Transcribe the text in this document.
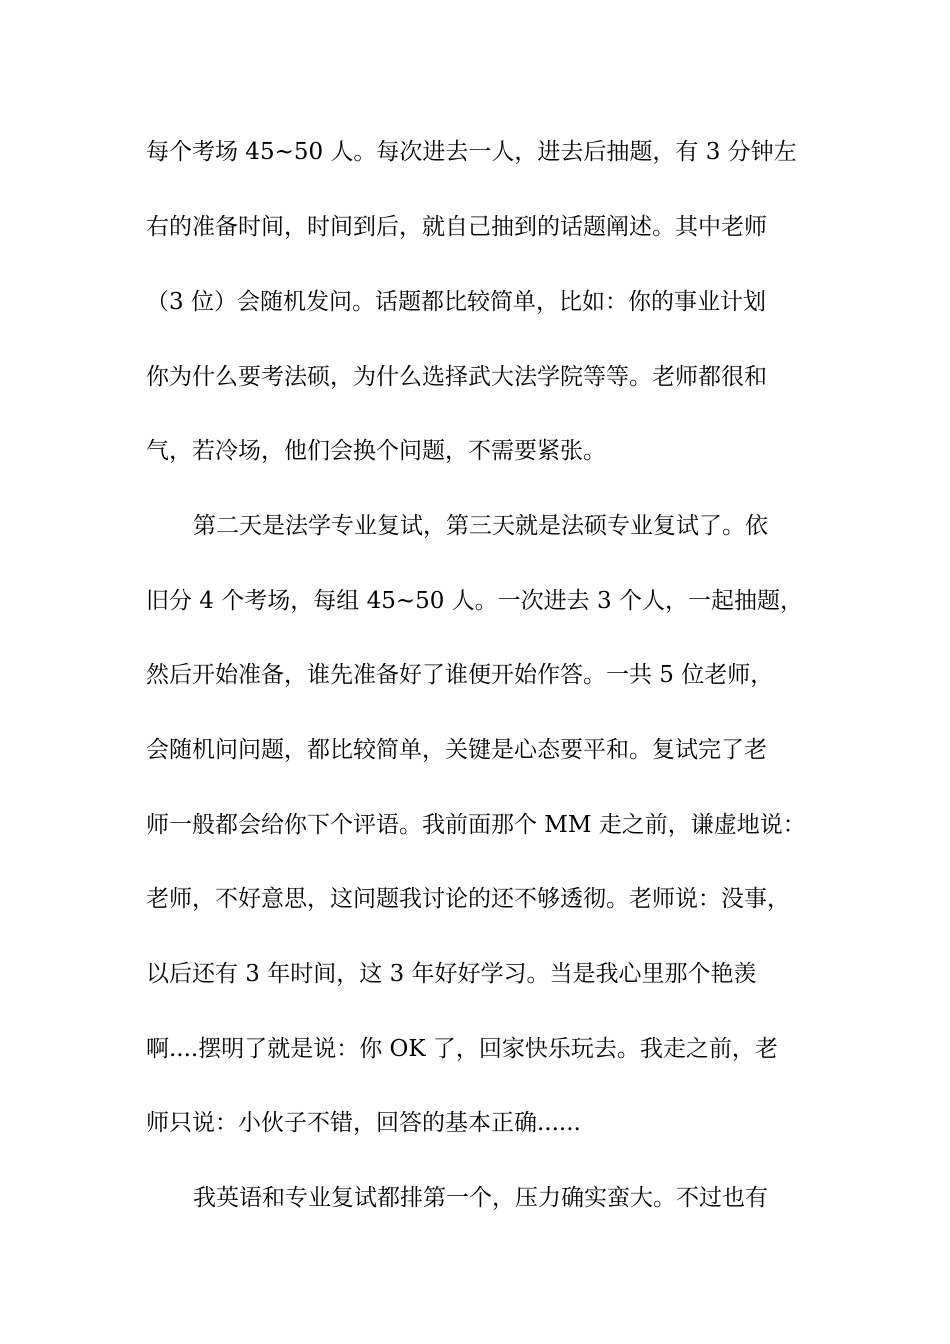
每个考场 45~50 人。每次进去一人，进去后抽题，有 3 分钟左

右的准备时间，时间到后，就自己抽到的话题阐述。其中老师

（3 位）会随机发问。话题都比较简单，比如：你的事业计划

你为什么要考法硕，为什么选择武大法学院等等。老师都很和

气，若冷场，他们会换个问题，不需要紧张。

第二天是法学专业复试，第三天就是法硕专业复试了。依

旧分 4 个考场，每组 45~50 人。一次进去 3 个人，一起抽题，

然后开始准备，谁先准备好了谁便开始作答。一共 5 位老师，

会随机问问题，都比较简单，关键是心态要平和。复试完了老

师一般都会给你下个评语。我前面那个 MM 走之前，谦虚地说：

老师，不好意思，这问题我讨论的还不够透彻。老师说：没事，

以后还有 3 年时间，这 3 年好好学习。当是我心里那个艳羡

啊....摆明了就是说：你 OK 了，回家快乐玩去。我走之前，老

师只说：小伙子不错，回答的基本正确......

我英语和专业复试都排第一个，压力确实蛮大。不过也有
